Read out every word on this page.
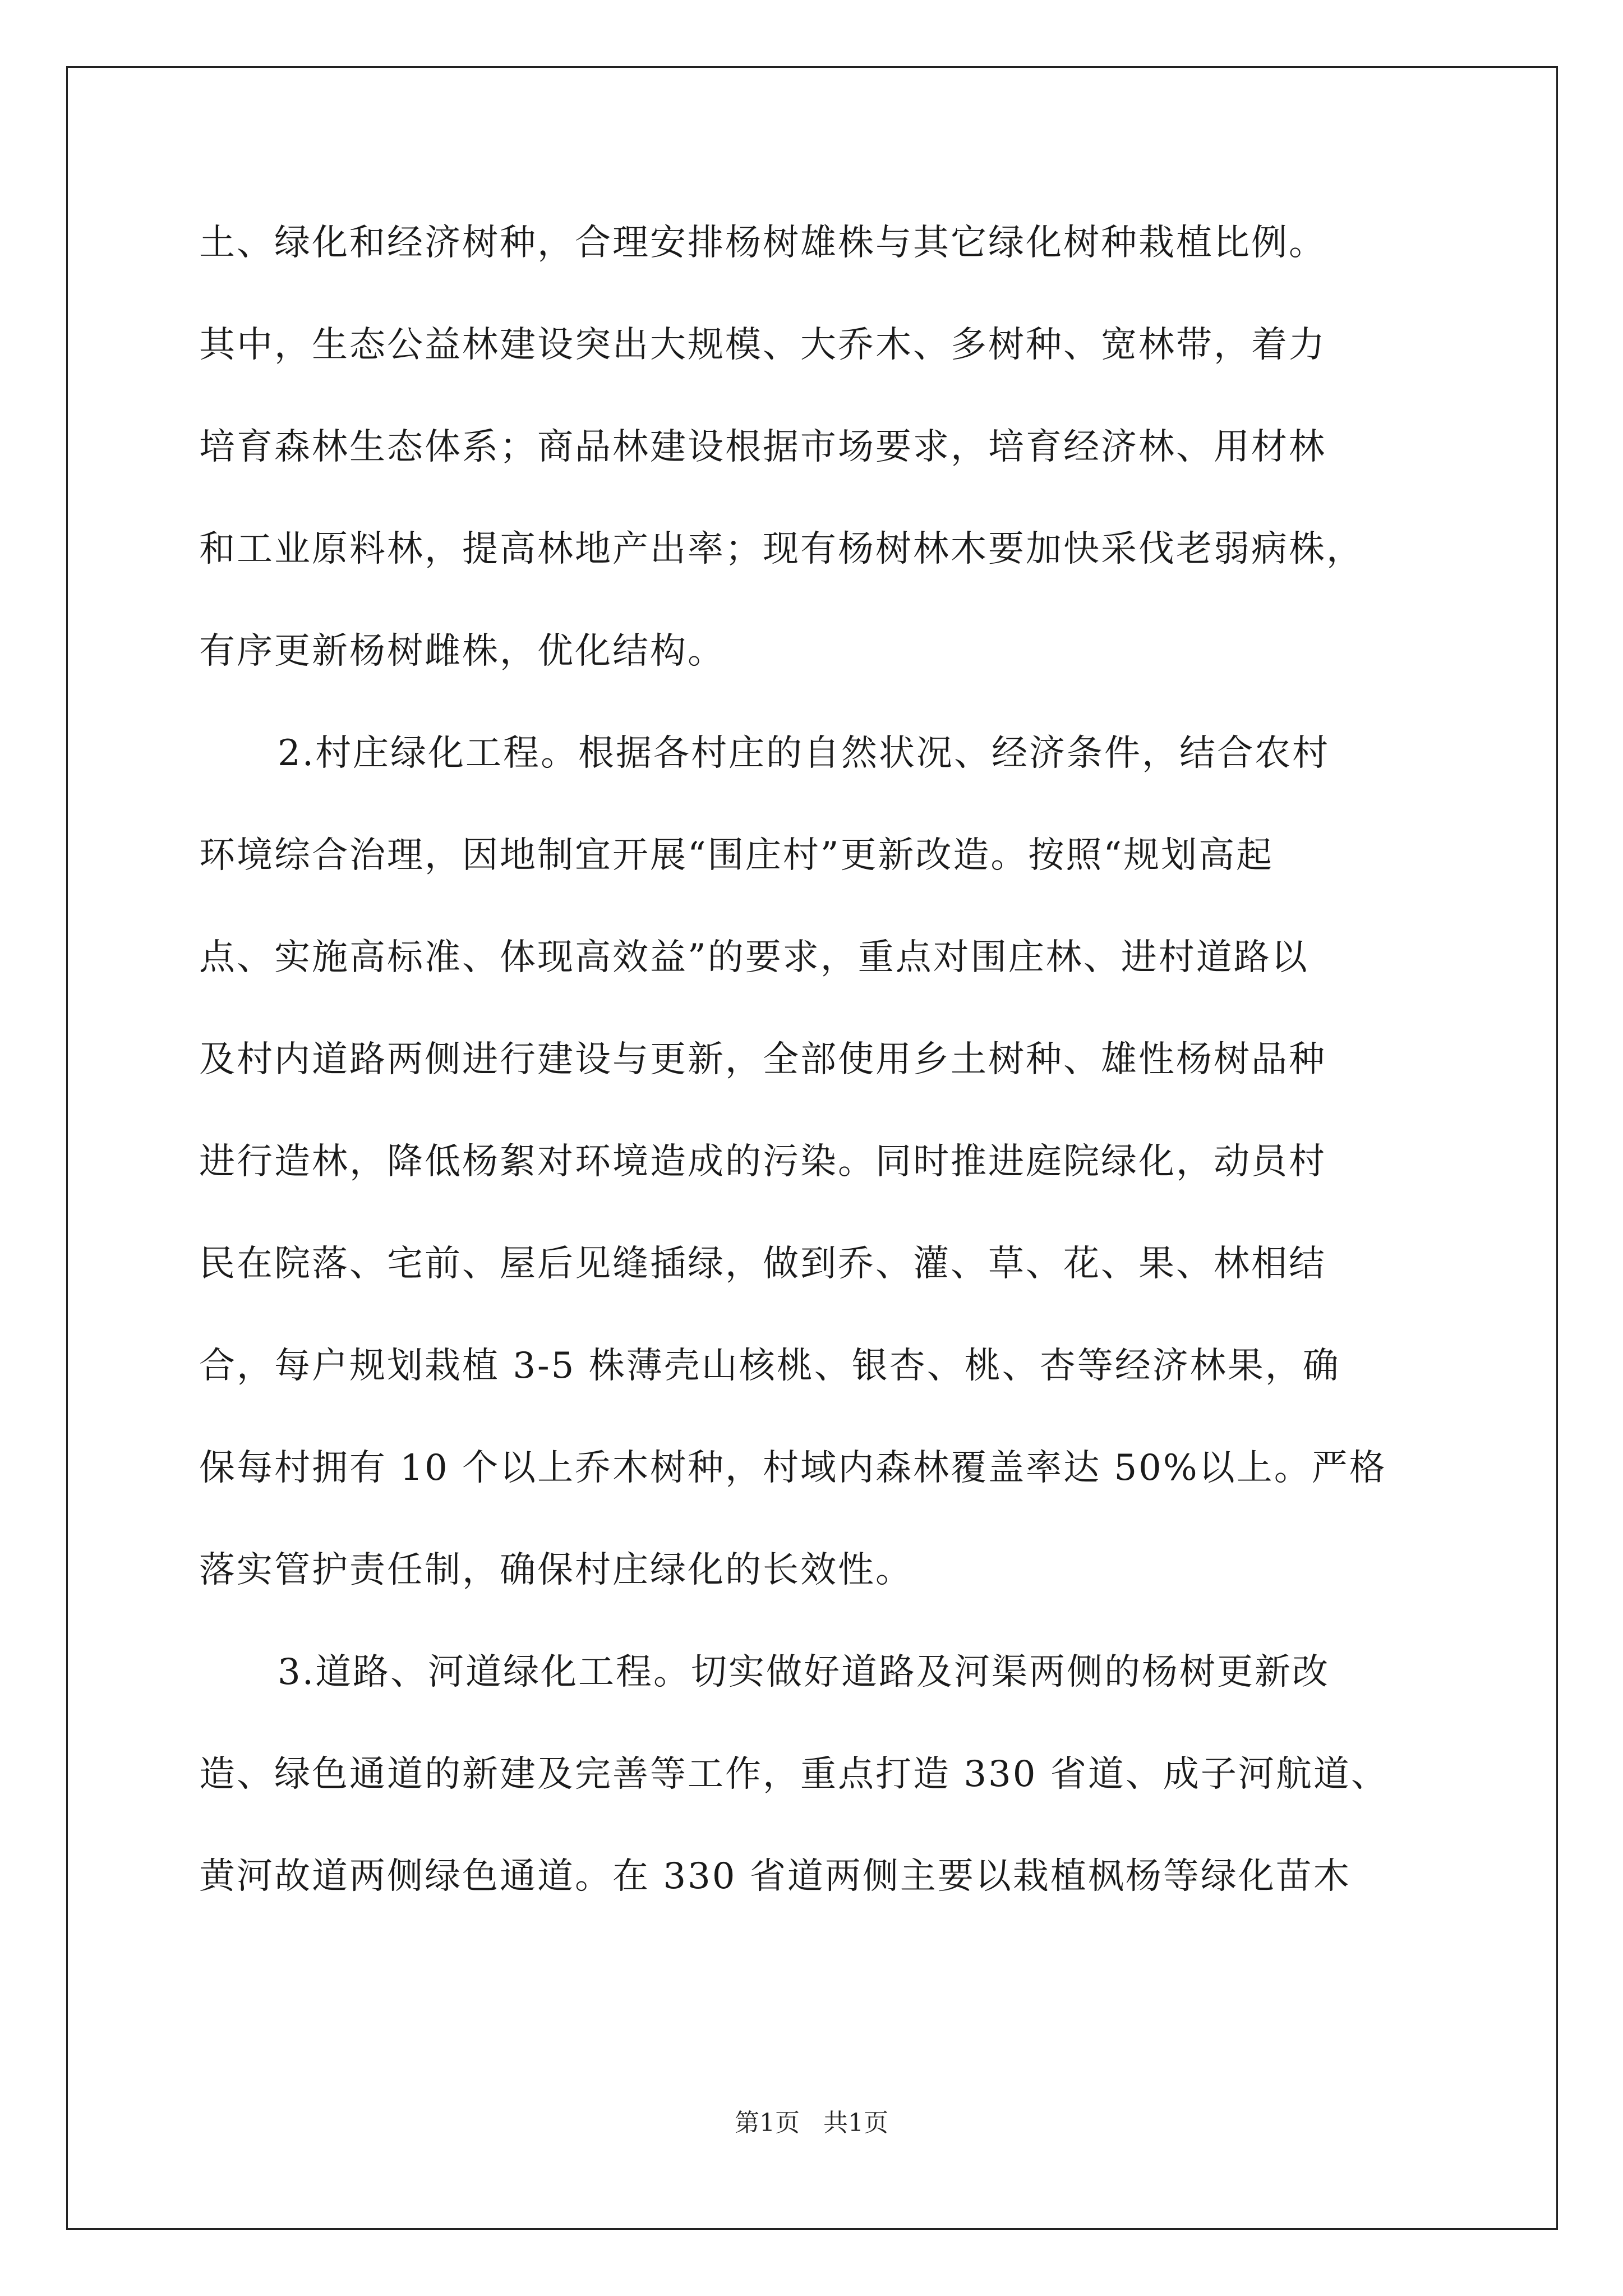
土、绿化和经济树种，合理安排杨树雄株与其它绿化树种栽植比例。
其中，生态公益林建设突出大规模、大乔木、多树种、宽林带，着力
培育森林生态体系；商品林建设根据市场要求，培育经济林、用材林
和工业原料林，提高林地产出率；现有杨树林木要加快采伐老弱病株，
有序更新杨树雌株，优化结构。
2.村庄绿化工程。根据各村庄的自然状况、经济条件，结合农村
环境综合治理，因地制宜开展“围庄村”更新改造。按照“规划高起
点、实施高标准、体现高效益”的要求，重点对围庄林、进村道路以
及村内道路两侧进行建设与更新，全部使用乡土树种、雄性杨树品种
进行造林，降低杨絮对环境造成的污染。同时推进庭院绿化，动员村
民在院落、宅前、屋后见缝插绿，做到乔、灌、草、花、果、林相结
合，每户规划栽植 3-5 株薄壳山核桃、银杏、桃、杏等经济林果，确
保每村拥有 10 个以上乔木树种，村域内森林覆盖率达 50%以上。严格
落实管护责任制，确保村庄绿化的长效性。
3.道路、河道绿化工程。切实做好道路及河渠两侧的杨树更新改
造、绿色通道的新建及完善等工作，重点打造 330 省道、成子河航道、
黄河故道两侧绿色通道。在 330 省道两侧主要以栽植枫杨等绿化苗木
第1页 共1页
